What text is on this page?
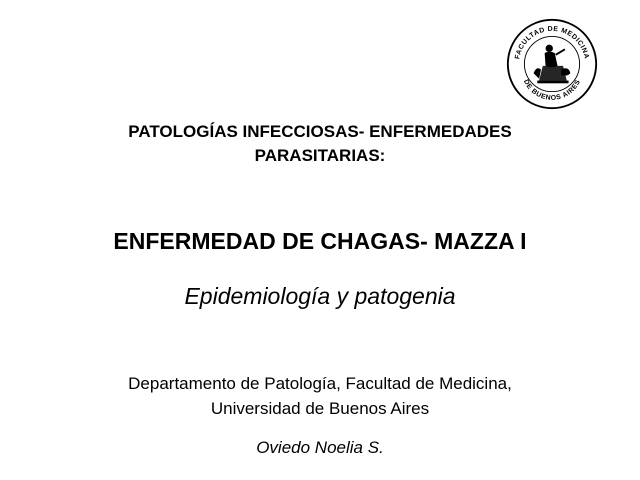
FACULTAD DE MEDICINA
DE BUENOS AIRES
PATOLOGÍAS INFECCIOSAS- ENFERMEDADES
PARASITARIAS:
ENFERMEDAD DE CHAGAS- MAZZA I
Epidemiología y patogenia
Departamento de Patología, Facultad de Medicina,
Universidad de Buenos Aires
Oviedo Noelia S.
